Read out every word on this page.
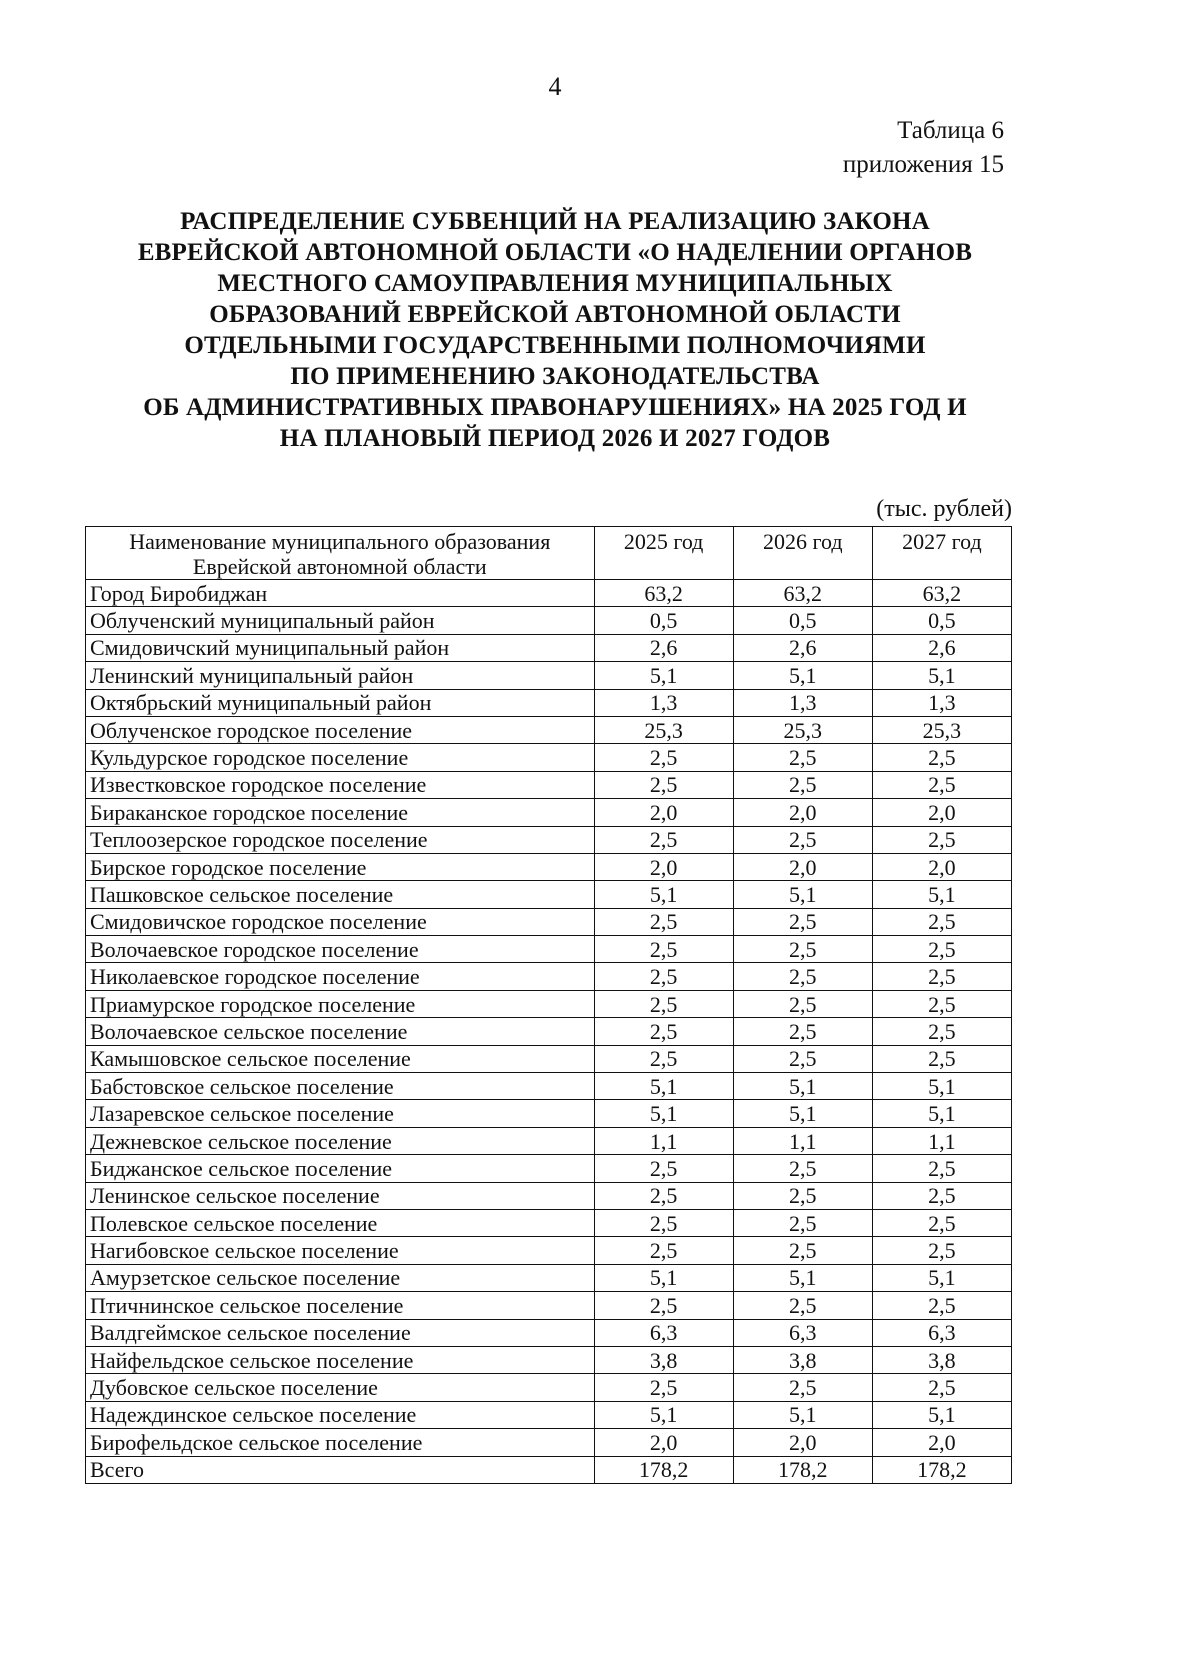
4
Таблица 6
приложения 15
РАСПРЕДЕЛЕНИЕ СУБВЕНЦИЙ НА РЕАЛИЗАЦИЮ ЗАКОНА
ЕВРЕЙСКОЙ АВТОНОМНОЙ ОБЛАСТИ «О НАДЕЛЕНИИ ОРГАНОВ
МЕСТНОГО САМОУПРАВЛЕНИЯ МУНИЦИПАЛЬНЫХ
ОБРАЗОВАНИЙ ЕВРЕЙСКОЙ АВТОНОМНОЙ ОБЛАСТИ
ОТДЕЛЬНЫМИ ГОСУДАРСТВЕННЫМИ ПОЛНОМОЧИЯМИ
ПО ПРИМЕНЕНИЮ ЗАКОНОДАТЕЛЬСТВА
ОБ АДМИНИСТРАТИВНЫХ ПРАВОНАРУШЕНИЯХ» НА 2025 ГОД И
НА ПЛАНОВЫЙ ПЕРИОД 2026 И 2027 ГОДОВ
(тыс. рублей)
Наименование муниципального образования
Еврейской автономной области	2025 год	2026 год	2027 год
Город Биробиджан	63,2	63,2	63,2
Облученский муниципальный район	0,5	0,5	0,5
Смидовичский муниципальный район	2,6	2,6	2,6
Ленинский муниципальный район	5,1	5,1	5,1
Октябрьский муниципальный район	1,3	1,3	1,3
Облученское городское поселение	25,3	25,3	25,3
Кульдурское городское поселение	2,5	2,5	2,5
Известковское городское поселение	2,5	2,5	2,5
Бираканское городское поселение	2,0	2,0	2,0
Теплоозерское городское поселение	2,5	2,5	2,5
Бирское городское поселение	2,0	2,0	2,0
Пашковское сельское поселение	5,1	5,1	5,1
Смидовичское городское поселение	2,5	2,5	2,5
Волочаевское городское поселение	2,5	2,5	2,5
Николаевское городское поселение	2,5	2,5	2,5
Приамурское городское поселение	2,5	2,5	2,5
Волочаевское сельское поселение	2,5	2,5	2,5
Камышовское сельское поселение	2,5	2,5	2,5
Бабстовское сельское поселение	5,1	5,1	5,1
Лазаревское сельское поселение	5,1	5,1	5,1
Дежневское сельское поселение	1,1	1,1	1,1
Биджанское сельское поселение	2,5	2,5	2,5
Ленинское сельское поселение	2,5	2,5	2,5
Полевское сельское поселение	2,5	2,5	2,5
Нагибовское сельское поселение	2,5	2,5	2,5
Амурзетское сельское поселение	5,1	5,1	5,1
Птичнинское сельское поселение	2,5	2,5	2,5
Валдгеймское сельское поселение	6,3	6,3	6,3
Найфельдское сельское поселение	3,8	3,8	3,8
Дубовское сельское поселение	2,5	2,5	2,5
Надеждинское сельское поселение	5,1	5,1	5,1
Бирофельдское сельское поселение	2,0	2,0	2,0
Всего	178,2	178,2	178,2
